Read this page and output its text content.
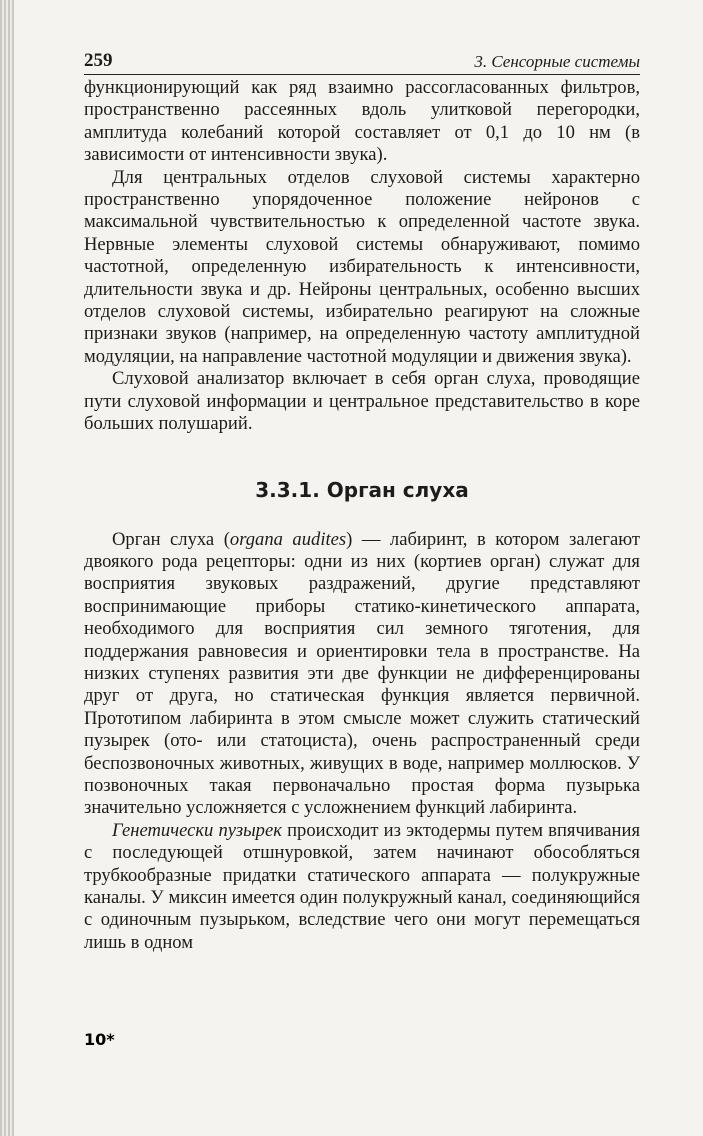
259	3. Сенсорные системы

функционирующий как ряд взаимно рассогласованных фильтров, пространственно рассеянных вдоль улитковой перегородки, амплитуда колебаний которой составляет от 0,1 до 10 нм (в зависимости от интенсивности звука).

Для центральных отделов слуховой системы характерно пространственно упорядоченное положение нейронов с максимальной чувствительностью к определенной частоте звука. Нервные элементы слуховой системы обнаруживают, помимо частотной, определенную избирательность к интенсивности, длительности звука и др. Нейроны центральных, особенно высших отделов слуховой системы, избирательно реагируют на сложные признаки звуков (например, на определенную частоту амплитудной модуляции, на направление частотной модуляции и движения звука).

Слуховой анализатор включает в себя орган слуха, проводящие пути слуховой информации и центральное представительство в коре больших полушарий.

3.3.1. Орган слуха

Орган слуха (organa audites) — лабиринт, в котором залегают двоякого рода рецепторы: одни из них (кортиев орган) служат для восприятия звуковых раздражений, другие представляют воспринимающие приборы статико-кинетического аппарата, необходимого для восприятия сил земного тяготения, для поддержания равновесия и ориентировки тела в пространстве. На низких ступенях развития эти две функции не дифференцированы друг от друга, но статическая функция является первичной. Прототипом лабиринта в этом смысле может служить статический пузырек (ото- или статоциста), очень распространенный среди беспозвоночных животных, живущих в воде, например моллюсков. У позвоночных такая первоначально простая форма пузырька значительно усложняется с усложнением функций лабиринта.

Генетически пузырек происходит из эктодермы путем впячивания с последующей отшнуровкой, затем начинают обособляться трубкообразные придатки статического аппарата — полукружные каналы. У миксин имеется один полукружный канал, соединяющийся с одиночным пузырьком, вследствие чего они могут перемещаться лишь в одном

10*
